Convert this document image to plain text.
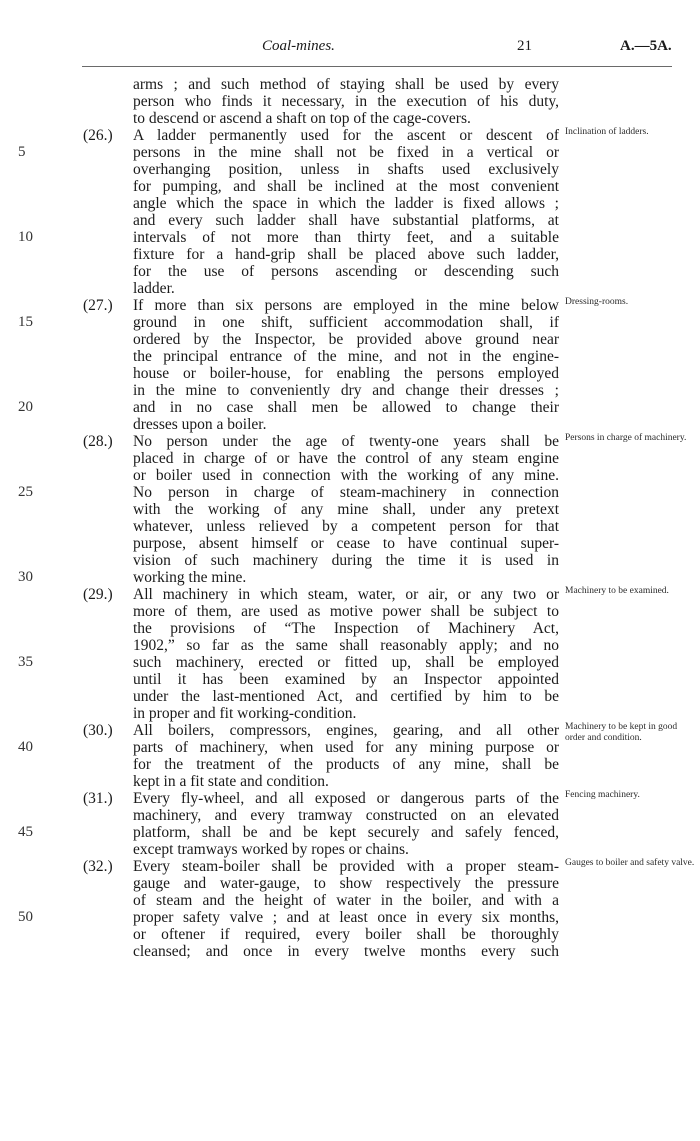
Coal-mines.	21	A.—5A.
arms ; and such method of staying shall be used by every
person who finds it necessary, in the execution of his duty,
to descend or ascend a shaft on top of the cage-covers.
(26.) A ladder permanently used for the ascent or descent of Inclination of ladders.
5	persons in the mine shall not be fixed in a vertical or
overhanging position, unless in shafts used exclusively
for pumping, and shall be inclined at the most convenient
angle which the space in which the ladder is fixed allows ;
and every such ladder shall have substantial platforms, at
10	intervals of not more than thirty feet, and a suitable
fixture for a hand-grip shall be placed above such ladder,
for the use of persons ascending or descending such
ladder.
(27.) If more than six persons are employed in the mine below Dressing-rooms.
15	ground in one shift, sufficient accommodation shall, if
ordered by the Inspector, be provided above ground near
the principal entrance of the mine, and not in the engine-
house or boiler-house, for enabling the persons employed
in the mine to conveniently dry and change their dresses ;
20	and in no case shall men be allowed to change their
dresses upon a boiler.
(28.) No person under the age of twenty-one years shall be Persons in charge of machinery.
placed in charge of or have the control of any steam engine
or boiler used in connection with the working of any mine.
25	No person in charge of steam-machinery in connection
with the working of any mine shall, under any pretext
whatever, unless relieved by a competent person for that
purpose, absent himself or cease to have continual super-
vision of such machinery during the time it is used in
30	working the mine.
(29.) All machinery in which steam, water, or air, or any two or Machinery to be examined.
more of them, are used as motive power shall be subject to
the provisions of “The Inspection of Machinery Act,
1902,” so far as the same shall reasonably apply; and no
35	such machinery, erected or fitted up, shall be employed
until it has been examined by an Inspector appointed
under the last-mentioned Act, and certified by him to be
in proper and fit working-condition.
(30.) All boilers, compressors, engines, gearing, and all other Machinery to be kept in good order and condition.
40	parts of machinery, when used for any mining purpose or
for the treatment of the products of any mine, shall be
kept in a fit state and condition.
(31.) Every fly-wheel, and all exposed or dangerous parts of the Fencing machinery.
machinery, and every tramway constructed on an elevated
45	platform, shall be and be kept securely and safely fenced,
except tramways worked by ropes or chains.
(32.) Every steam-boiler shall be provided with a proper steam- Gauges to boiler and safety valve.
gauge and water-gauge, to show respectively the pressure
of steam and the height of water in the boiler, and with a
50	proper safety valve ; and at least once in every six months,
or oftener if required, every boiler shall be thoroughly
cleansed; and once in every twelve months every such
